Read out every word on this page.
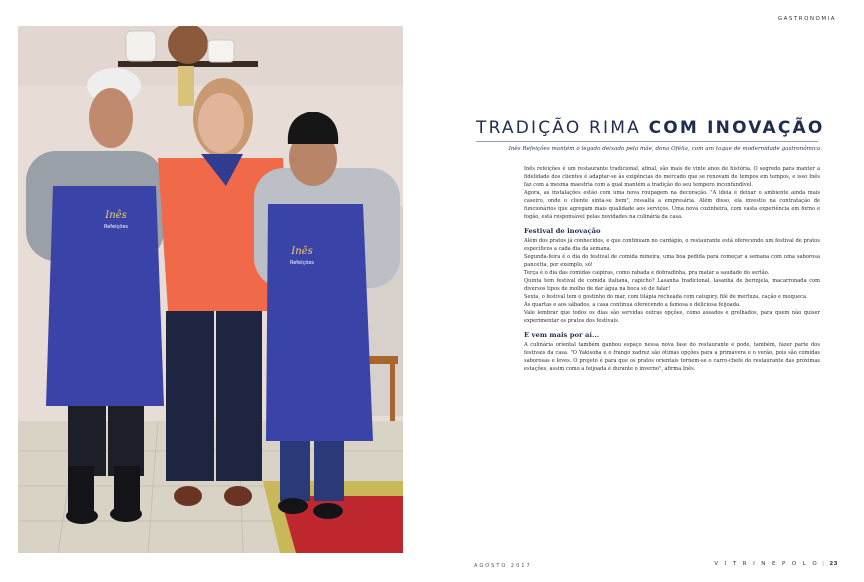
Inês
Refeições
Inês
Refeições
GASTRONOMIA
TRADIÇÃO RIMA COM INOVAÇÃO
Inês Refeições mantém o legado deixado pela mãe, dona Ofélia, com um toque de modernidade gastronômica.

Inês refeições é um restaurante tradicional, afinal, são mais de vinte anos de história. O segredo para manter a fidelidade dos clientes é adaptar-se às exigências do mercado que se renovam de tempos em tempos, e isso Inês faz com a mesma maestria com a qual mantém a tradição do seu tempero inconfundível.

Agora, as instalações estão com uma nova roupagem na decoração. "A ideia é deixar o ambiente ainda mais caseiro, onde o cliente sinta-se bem", ressalta a empresária. Além disso, ela investiu na contratação de funcionários que agregam mais qualidade aos serviços. Uma nova cozinheira, com vasta experiência em forno e fogão, está responsável pelas novidades na culinária da casa.

Festival de inovação

Além dos pratos já conhecidos, e que continuam no cardápio, o restaurante está oferecendo um festival de pratos específicos a cada dia da semana.

Segunda-feira é o dia do festival de comida mineira, uma boa pedida para começar a semana com uma saborosa pancetta, por exemplo, só!

Terça é o dia das comidas caipiras, como rabada e dobradinha, pra matar a saudade do sertão.

Quinta tem festival de comida italiana, capicho? Lasanha tradicional, lasanha de berinjela, macarronada com diversos tipos de molho de dar água na boca só de falar!

Sexta, o festival tem o gostinho do mar, com tilápia recheada com catupiry, filé de merluza, cação e moqueca.

Às quartas e aos sábados, a casa continua oferecendo a famosa e deliciosa feijoada.

Vale lembrar que todos os dias são servidas outras opções, como assados e grelhados, para quem não quiser experimentar os pratos dos festivais.

E vem mais por aí...

A culinária oriental também ganhou espaço nessa nova fase do restaurante e pode, também, fazer parte dos festivais da casa. "O Yakisoba e o frango xadrez são ótimas opções para a primavera e o verão, pois são comidas saborosas e leves. O projeto é para que os pratos orientais tornem-se o carro-chefe do restaurante das próximas estações, assim como a feijoada é durante o inverno", afirma Inês.

AGOSTO 2017	V I T R I N E P O L O | 23
